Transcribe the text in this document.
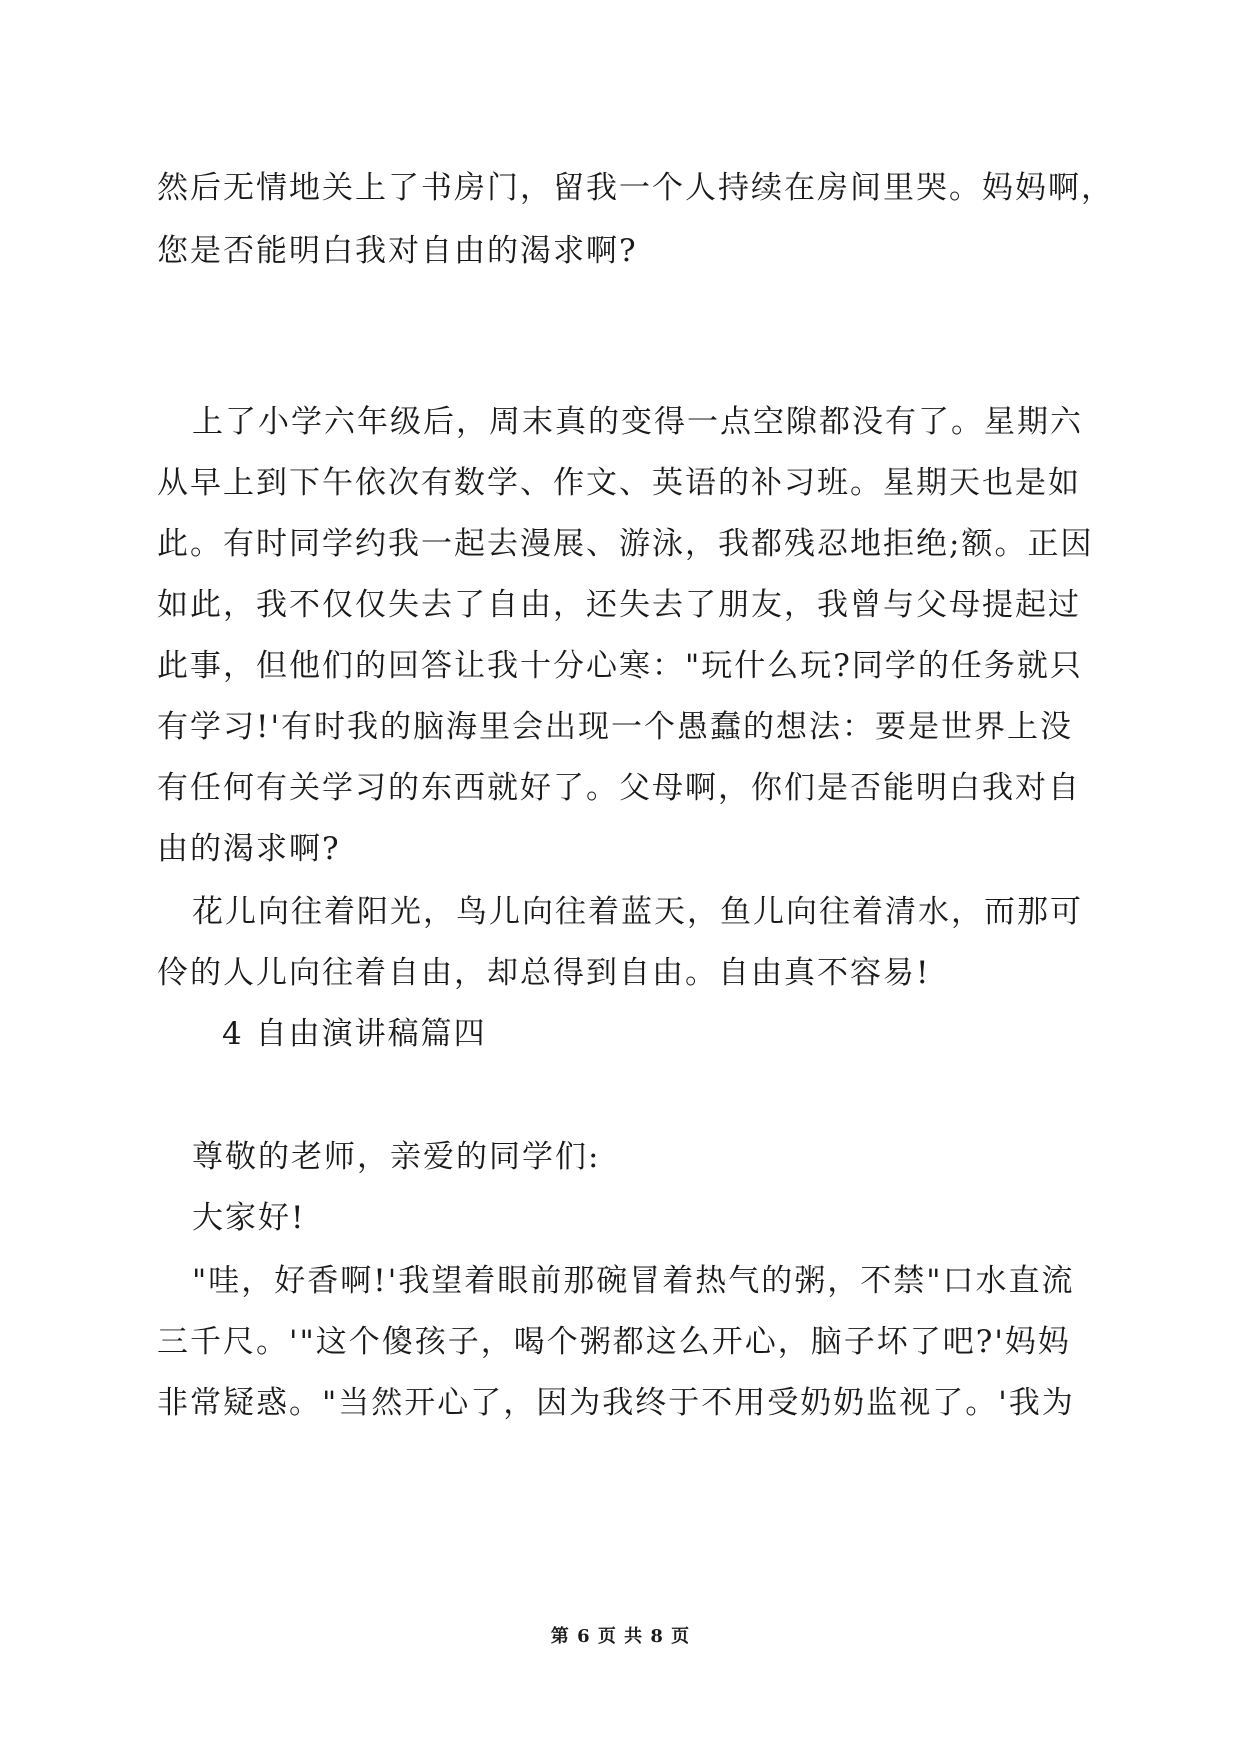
然后无情地关上了书房门，留我一个人持续在房间里哭。妈妈啊，
您是否能明白我对自由的渴求啊?
上了小学六年级后，周末真的变得一点空隙都没有了。星期六
从早上到下午依次有数学、作文、英语的补习班。星期天也是如
此。有时同学约我一起去漫展、游泳，我都残忍地拒绝;额。正因
如此，我不仅仅失去了自由，还失去了朋友，我曾与父母提起过
此事，但他们的回答让我十分心寒："玩什么玩?同学的任务就只
有学习!'有时我的脑海里会出现一个愚蠢的想法：要是世界上没
有任何有关学习的东西就好了。父母啊，你们是否能明白我对自
由的渴求啊?
花儿向往着阳光，鸟儿向往着蓝天，鱼儿向往着清水，而那可
伶的人儿向往着自由，却总得到自由。自由真不容易!
4 自由演讲稿篇四
尊敬的老师，亲爱的同学们:
大家好!
"哇，好香啊!'我望着眼前那碗冒着热气的粥，不禁"口水直流
三千尺。'"这个傻孩子，喝个粥都这么开心，脑子坏了吧?'妈妈
非常疑惑。"当然开心了，因为我终于不用受奶奶监视了。'我为
第 6 页 共 8 页
